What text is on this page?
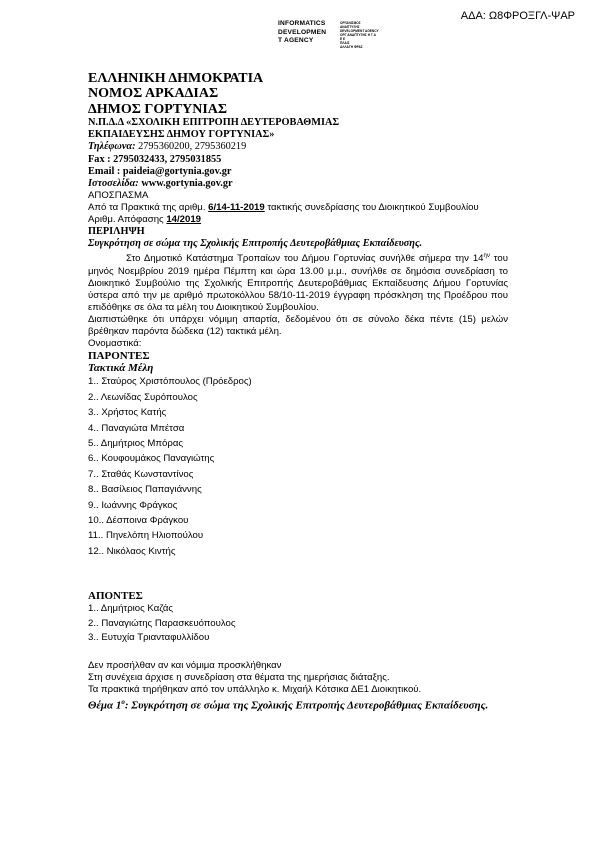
ΑΔΑ: Ω8ΦΡΟΞΓΛ-ΨΑΡ
INFORMATICS
DEVELOPMEN
T AGENCY
ΟΡΓΑΝΙΣΜΟΣ
ΑΝΑΠΤΥΞΗΣ
DEVELOPMENT AGENCY
ΟΡΓ ΑΝΑΠΤΥΞΗΣ Η Τ Α
Ε Ε
ΠΛΑΙΣ
ΑΛΛΑΓΗ ΦΡΑΣ

ΕΛΛΗΝΙΚΗ ΔΗΜΟΚΡΑΤΙΑ

ΝΟΜΟΣ ΑΡΚΑΔΙΑΣ

ΔΗΜΟΣ ΓΟΡΤΥΝΙΑΣ

Ν.Π.Δ.Δ «ΣΧΟΛΙΚΗ ΕΠΙΤΡΟΠΗ ΔΕΥΤΕΡΟΒΑΘΜΙΑΣ

ΕΚΠΑΙΔΕΥΣΗΣ ΔΗΜΟΥ ΓΟΡΤΥΝΙΑΣ»

Τηλέφωνα: 2795360200, 2795360219

Fax : 2795032433, 2795031855

Email : paideia@gortynia.gov.gr

Ιστοσελίδα: www.gortynia.gov.gr

ΑΠΟΣΠΑΣΜΑ

Από τα Πρακτικά της αριθμ. 6/14-11-2019 τακτικής συνεδρίασης του Διοικητικού Συμβουλίου

Αριθμ. Απόφασης 14/2019

ΠΕΡΙΛΗΨΗ

Συγκρότηση σε σώμα της Σχολικής Επιτροπής Δευτεροβάθμιας Εκπαίδευσης.

Στο Δημοτικό Κατάστημα Τροπαίων του Δήμου Γορτυνίας συνήλθε σήμερα την $14^{\eta\nu}$ του μηνός Νοεμβρίου 2019 ημέρα Πέμπτη και ώρα 13.00 μ.μ., συνήλθε σε δημόσια συνεδρίαση το Διοικητικό Συμβούλιο της Σχολικής Επιτροπής Δευτεροβάθμιας Εκπαίδευσης Δήμου Γορτυνίας ύστερα από την με αριθμό πρωτοκόλλου 58/10-11-2019 έγγραφη πρόσκληση της Προέδρου που επιδόθηκε σε όλα τα μέλη του Διοικητικού Συμβουλίου.

Διαπιστώθηκε ότι υπάρχει νόμιμη απαρτία, δεδομένου ότι σε σύνολο δέκα πέντε (15) μελών βρέθηκαν παρόντα δώδεκα (12) τακτικά μέλη.

Ονομαστικά:

ΠΑΡΟΝΤΕΣ

Τακτικά Μέλη

1.. Σταύρος Χριστόπουλος (Πρόεδρος)
2.. Λεωνίδας Συρόπουλος
3.. Χρήστος Κατής
4.. Παναγιώτα Μπέτσα
5.. Δημήτριος Μπόρας
6.. Κουφουμάκος Παναγιώτης
7.. Σταθάς Κωνσταντίνος
8.. Βασίλειος Παπαγιάννης
9.. Ιωάννης Φράγκος
10.. Δέσποινα Φράγκου
11.. Πηνελόπη Ηλιοπούλου
12.. Νικόλαος Κιντής

ΑΠΟΝΤΕΣ

1.. Δημήτριος Καζάς
2.. Παναγιώτης Παρασκευόπουλος
3.. Ευτυχία Τριανταφυλλίδου

Δεν προσήλθαν αν και νόμιμα προσκλήθηκαν

Στη συνέχεια άρχισε η συνεδρίαση στα θέματα της ημερήσιας διάταξης.

Τα πρακτικά τηρήθηκαν από τον υπάλληλο κ. Μιχαήλ Κότσικα ΔΕ1 Διοικητικού.

Θέμα $1^o$: Συγκρότηση σε σώμα της Σχολικής Επιτροπής Δευτεροβάθμιας Εκπαίδευσης.
